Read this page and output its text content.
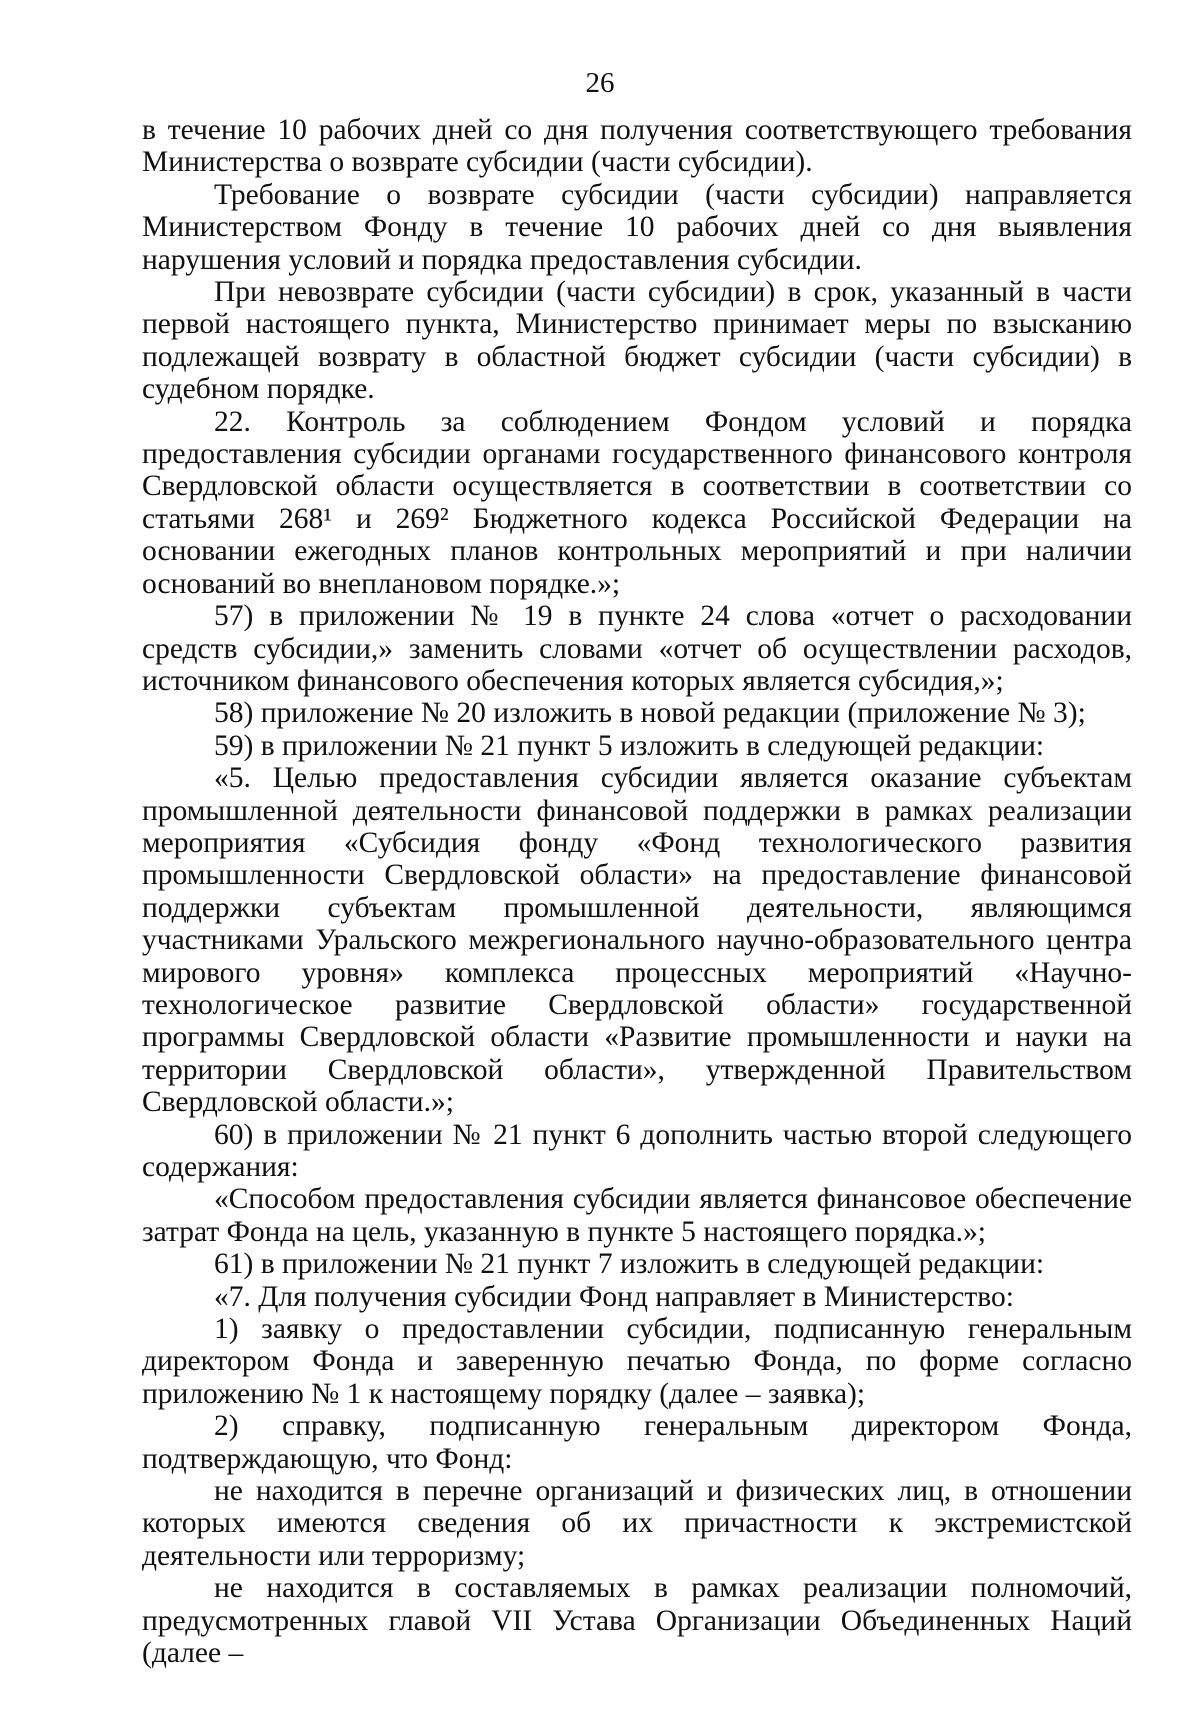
26

в течение 10 рабочих дней со дня получения соответствующего требования Министерства о возврате субсидии (части субсидии).

Требование о возврате субсидии (части субсидии) направляется Министерством Фонду в течение 10 рабочих дней со дня выявления нарушения условий и порядка предоставления субсидии.

При невозврате субсидии (части субсидии) в срок, указанный в части первой настоящего пункта, Министерство принимает меры по взысканию подлежащей возврату в областной бюджет субсидии (части субсидии) в судебном порядке.

22. Контроль за соблюдением Фондом условий и порядка предоставления субсидии органами государственного финансового контроля Свердловской области осуществляется в соответствии в соответствии со статьями 268¹ и 269² Бюджетного кодекса Российской Федерации на основании ежегодных планов контрольных мероприятий и при наличии оснований во внеплановом порядке.»;

57) в приложении № 19 в пункте 24 слова «отчет о расходовании средств субсидии,» заменить словами «отчет об осуществлении расходов, источником финансового обеспечения которых является субсидия,»;

58) приложение № 20 изложить в новой редакции (приложение № 3);

59) в приложении № 21 пункт 5 изложить в следующей редакции:

«5. Целью предоставления субсидии является оказание субъектам промышленной деятельности финансовой поддержки в рамках реализации мероприятия «Субсидия фонду «Фонд технологического развития промышленности Свердловской области» на предоставление финансовой поддержки субъектам промышленной деятельности, являющимся участниками Уральского межрегионального научно-образовательного центра мирового уровня» комплекса процессных мероприятий «Научно-технологическое развитие Свердловской области» государственной программы Свердловской области «Развитие промышленности и науки на территории Свердловской области», утвержденной Правительством Свердловской области.»;

60) в приложении № 21 пункт 6 дополнить частью второй следующего содержания:

«Способом предоставления субсидии является финансовое обеспечение затрат Фонда на цель, указанную в пункте 5 настоящего порядка.»;

61) в приложении № 21 пункт 7 изложить в следующей редакции:

«7. Для получения субсидии Фонд направляет в Министерство:

1) заявку о предоставлении субсидии, подписанную генеральным директором Фонда и заверенную печатью Фонда, по форме согласно приложению № 1 к настоящему порядку (далее – заявка);

2) справку, подписанную генеральным директором Фонда, подтверждающую, что Фонд:

не находится в перечне организаций и физических лиц, в отношении которых имеются сведения об их причастности к экстремистской деятельности или терроризму;

не находится в составляемых в рамках реализации полномочий, предусмотренных главой VII Устава Организации Объединенных Наций (далее –
